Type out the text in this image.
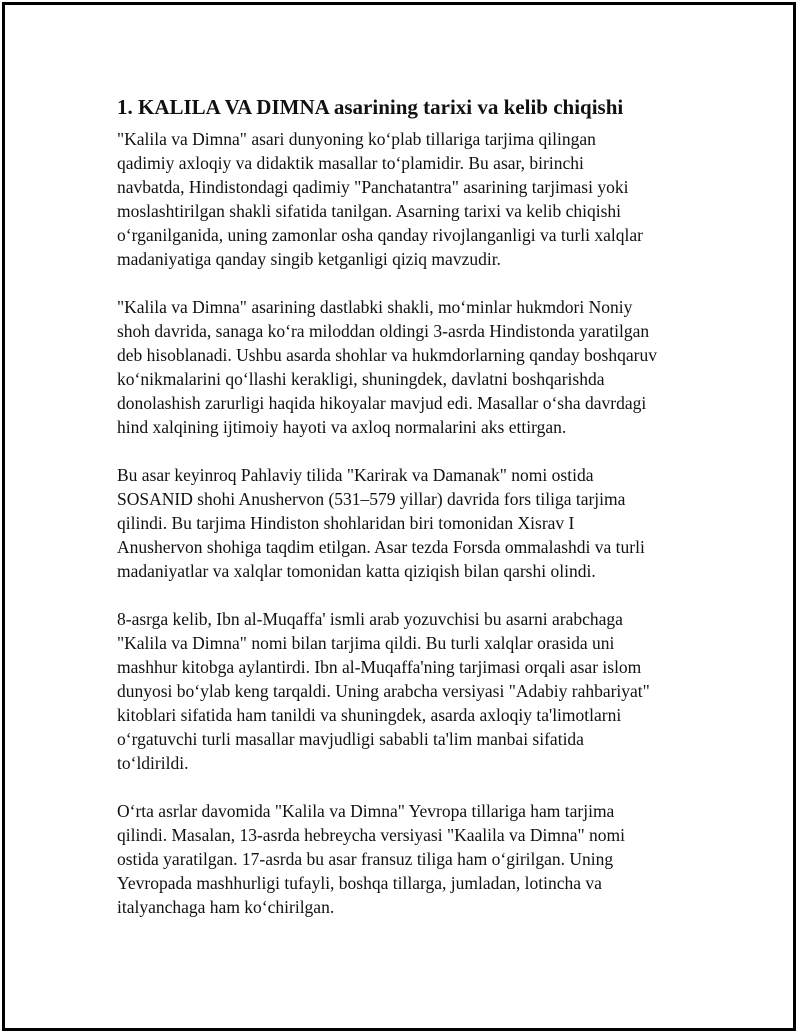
1. KALILA VA DIMNA asarining tarixi va kelib chiqishi
"Kalila va Dimna" asari dunyoning ko‘plab tillariga tarjima qilingan
qadimiy axloqiy va didaktik masallar to‘plamidir. Bu asar, birinchi
navbatda, Hindistondagi qadimiy "Panchatantra" asarining tarjimasi yoki
moslashtirilgan shakli sifatida tanilgan. Asarning tarixi va kelib chiqishi
o‘rganilganida, uning zamonlar osha qanday rivojlanganligi va turli xalqlar
madaniyatiga qanday singib ketganligi qiziq mavzudir.
"Kalila va Dimna" asarining dastlabki shakli, mo‘minlar hukmdori Noniy
shoh davrida, sanaga ko‘ra miloddan oldingi 3-asrda Hindistonda yaratilgan
deb hisoblanadi. Ushbu asarda shohlar va hukmdorlarning qanday boshqaruv
ko‘nikmalarini qo‘llashi kerakligi, shuningdek, davlatni boshqarishda
donolashish zarurligi haqida hikoyalar mavjud edi. Masallar o‘sha davrdagi
hind xalqining ijtimoiy hayoti va axloq normalarini aks ettirgan.
Bu asar keyinroq Pahlaviy tilida "Karirak va Damanak" nomi ostida
SOSANID shohi Anushervon (531–579 yillar) davrida fors tiliga tarjima
qilindi. Bu tarjima Hindiston shohlaridan biri tomonidan Xisrav I
Anushervon shohiga taqdim etilgan. Asar tezda Forsda ommalashdi va turli
madaniyatlar va xalqlar tomonidan katta qiziqish bilan qarshi olindi.
8-asrga kelib, Ibn al-Muqaffa' ismli arab yozuvchisi bu asarni arabchaga
"Kalila va Dimna" nomi bilan tarjima qildi. Bu turli xalqlar orasida uni
mashhur kitobga aylantirdi. Ibn al-Muqaffa'ning tarjimasi orqali asar islom
dunyosi bo‘ylab keng tarqaldi. Uning arabcha versiyasi "Adabiy rahbariyat"
kitoblari sifatida ham tanildi va shuningdek, asarda axloqiy ta'limotlarni
o‘rgatuvchi turli masallar mavjudligi sababli ta'lim manbai sifatida
to‘ldirildi.
O‘rta asrlar davomida "Kalila va Dimna" Yevropa tillariga ham tarjima
qilindi. Masalan, 13-asrda hebreycha versiyasi "Kaalila va Dimna" nomi
ostida yaratilgan. 17-asrda bu asar fransuz tiliga ham o‘girilgan. Uning
Yevropada mashhurligi tufayli, boshqa tillarga, jumladan, lotincha va
italyanchaga ham ko‘chirilgan.
